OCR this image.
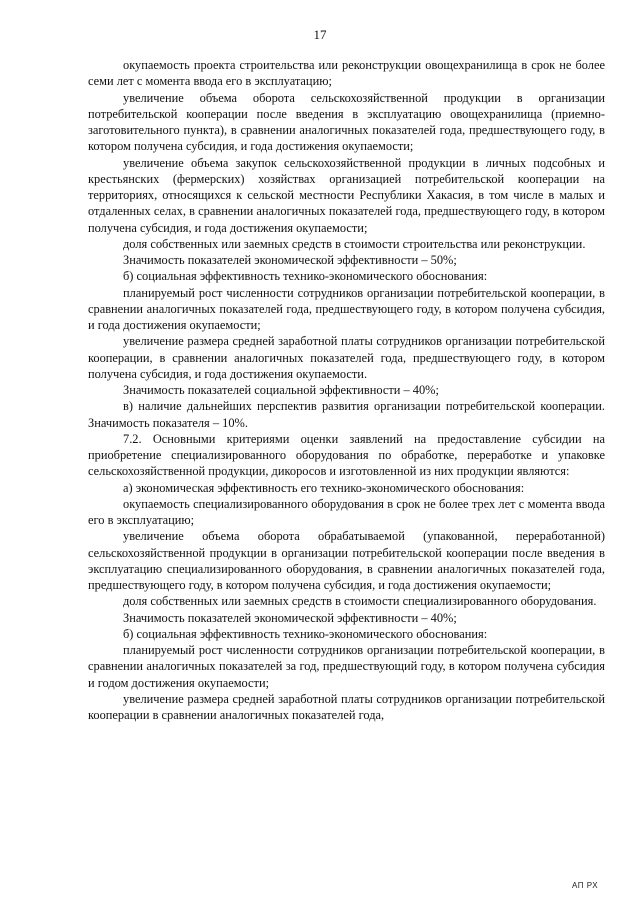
17

окупаемость проекта строительства или реконструкции овощехранилища в срок не более семи лет с момента ввода его в эксплуатацию;

увеличение объема оборота сельскохозяйственной продукции в организации потребительской кооперации после введения в эксплуатацию овощехранилища (приемно-заготовительного пункта), в сравнении аналогичных показателей года, предшествующего году, в котором получена субсидия, и года достижения окупаемости;

увеличение объема закупок сельскохозяйственной продукции в личных подсобных и крестьянских (фермерских) хозяйствах организацией потребительской кооперации на территориях, относящихся к сельской местности Республики Хакасия, в том числе в малых и отдаленных селах, в сравнении аналогичных показателей года, предшествующего году, в котором получена субсидия, и года достижения окупаемости;

доля собственных или заемных средств в стоимости строительства или реконструкции.

Значимость показателей экономической эффективности – 50%;

б) социальная эффективность технико-экономического обоснования:

планируемый рост численности сотрудников организации потребительской кооперации, в сравнении аналогичных показателей года, предшествующего году, в котором получена субсидия, и года достижения окупаемости;

увеличение размера средней заработной платы сотрудников организации потребительской кооперации, в сравнении аналогичных показателей года, предшествующего году, в котором получена субсидия, и года достижения окупаемости.

Значимость показателей социальной эффективности – 40%;

в) наличие дальнейших перспектив развития организации потребительской кооперации. Значимость показателя – 10%.

7.2. Основными критериями оценки заявлений на предоставление субсидии на приобретение специализированного оборудования по обработке, переработке и упаковке сельскохозяйственной продукции, дикоросов и изготовленной из них продукции являются:

а) экономическая эффективность его технико-экономического обоснования:

окупаемость специализированного оборудования в срок не более трех лет с момента ввода его в эксплуатацию;

увеличение объема оборота обрабатываемой (упакованной, переработанной) сельскохозяйственной продукции в организации потребительской кооперации после введения в эксплуатацию специализированного оборудования, в сравнении аналогичных показателей года, предшествующего году, в котором получена субсидия, и года достижения окупаемости;

доля собственных или заемных средств в стоимости специализированного оборудования.

Значимость показателей экономической эффективности – 40%;

б) социальная эффективность технико-экономического обоснования:

планируемый рост численности сотрудников организации потребительской кооперации, в сравнении аналогичных показателей за год, предшествующий году, в котором получена субсидия и годом достижения окупаемости;

увеличение размера средней заработной платы сотрудников организации потребительской кооперации в сравнении аналогичных показателей года,

АП РХ
